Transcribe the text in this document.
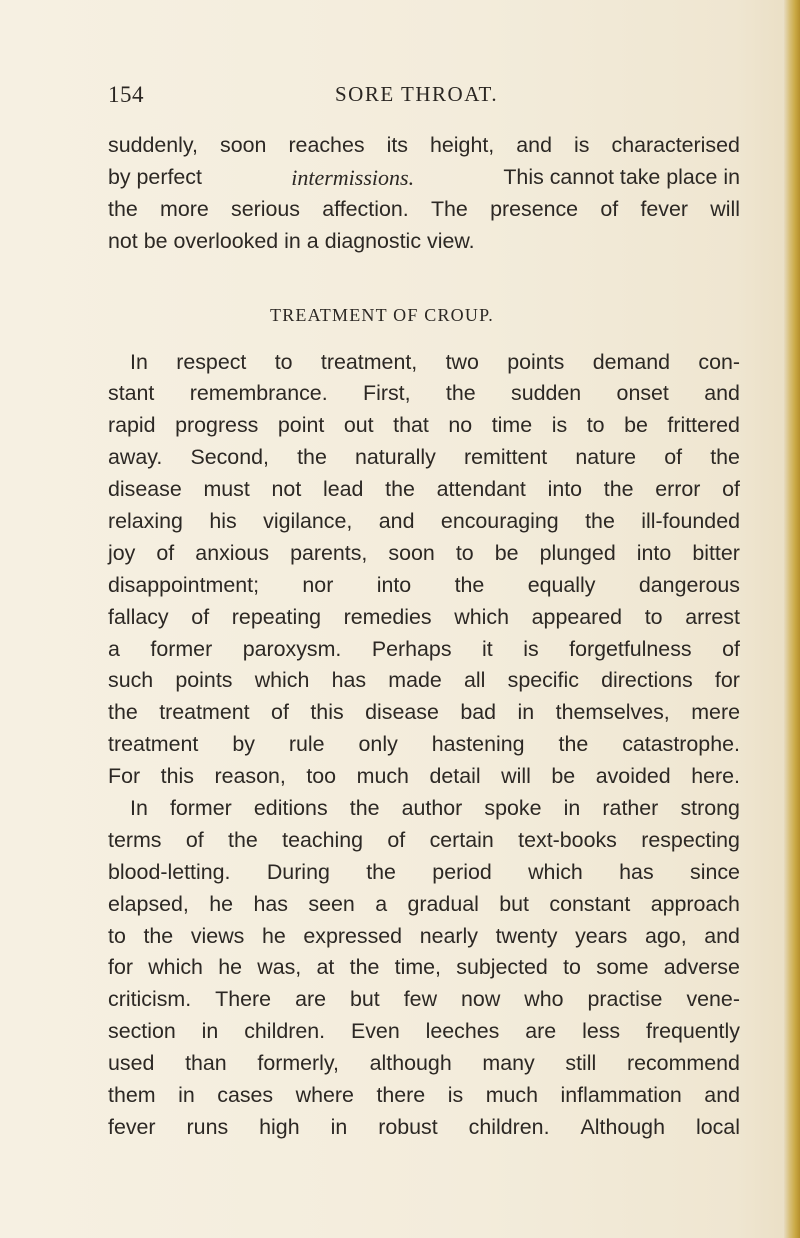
154	SORE THROAT.
suddenly, soon reaches its height, and is characterised
by perfect	intermissions.	This cannot take place in
the more serious affection. The presence of fever will
not be overlooked in a diagnostic view.
TREATMENT OF CROUP.
In respect to treatment, two points demand con-
stant remembrance. First, the sudden onset and
rapid progress point out that no time is to be frittered
away. Second, the naturally remittent nature of the
disease must not lead the attendant into the error of
relaxing his vigilance, and encouraging the ill-founded
joy of anxious parents, soon to be plunged into bitter
disappointment; nor into the equally dangerous
fallacy of repeating remedies which appeared to arrest
a former paroxysm. Perhaps it is forgetfulness of
such points which has made all specific directions for
the treatment of this disease bad in themselves, mere
treatment by rule only hastening the catastrophe.
For this reason, too much detail will be avoided here.
In former editions the author spoke in rather strong
terms of the teaching of certain text-books respecting
blood-letting. During the period which has since
elapsed, he has seen a gradual but constant approach
to the views he expressed nearly twenty years ago, and
for which he was, at the time, subjected to some adverse
criticism. There are but few now who practise vene-
section in children. Even leeches are less frequently
used than formerly, although many still recommend
them in cases where there is much inflammation and
fever runs high in robust children. Although local
